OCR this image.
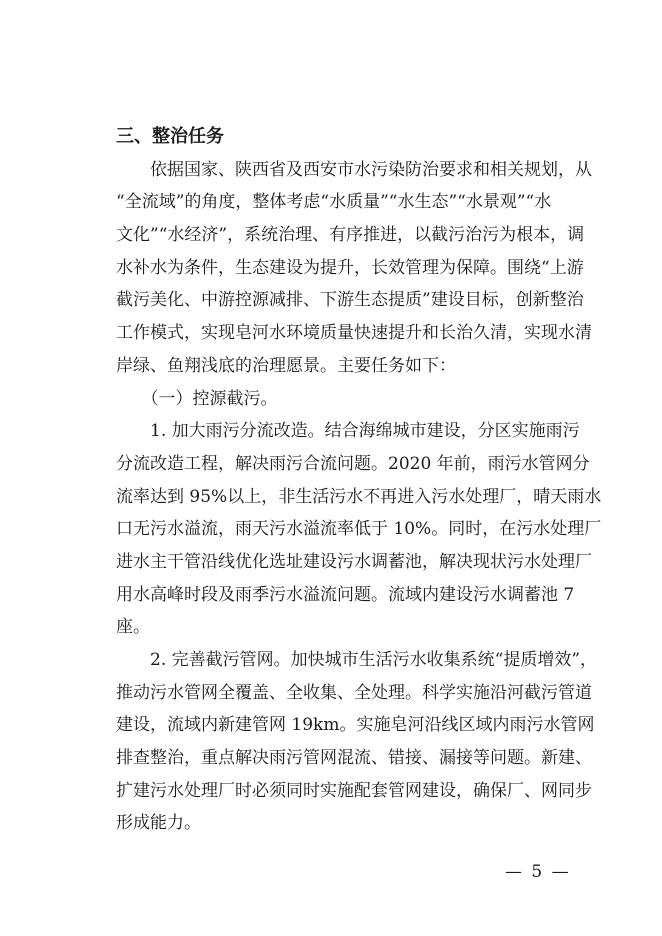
三、整治任务
　　依据国家、陕西省及西安市水污染防治要求和相关规划，从
“全流域”的角度，整体考虑“水质量”“水生态”“水景观”“水
文化”“水经济”，系统治理、有序推进，以截污治污为根本，调
水补水为条件，生态建设为提升，长效管理为保障。围绕“上游
截污美化、中游控源减排、下游生态提质”建设目标，创新整治
工作模式，实现皂河水环境质量快速提升和长治久清，实现水清
岸绿、鱼翔浅底的治理愿景。主要任务如下：
　　（一）控源截污。
　　1. 加大雨污分流改造。结合海绵城市建设，分区实施雨污
分流改造工程，解决雨污合流问题。2020 年前，雨污水管网分
流率达到 95%以上，非生活污水不再进入污水处理厂，晴天雨水
口无污水溢流，雨天污水溢流率低于 10%。同时，在污水处理厂
进水主干管沿线优化选址建设污水调蓄池，解决现状污水处理厂
用水高峰时段及雨季污水溢流问题。流域内建设污水调蓄池 7
座。
　　2. 完善截污管网。加快城市生活污水收集系统“提质增效”，
推动污水管网全覆盖、全收集、全处理。科学实施沿河截污管道
建设，流域内新建管网 19km。实施皂河沿线区域内雨污水管网
排查整治，重点解决雨污管网混流、错接、漏接等问题。新建、
扩建污水处理厂时必须同时实施配套管网建设，确保厂、网同步
形成能力。
— 5 —
